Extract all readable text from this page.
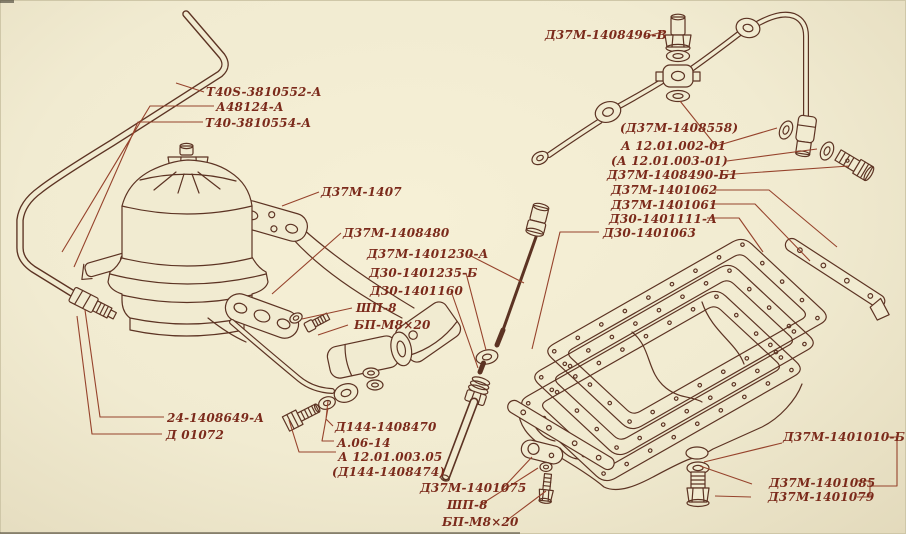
Т40S-3810552-А
А48124-А
Т40-3810554-А
Д37М-1407
Д37М-1408480
Д37М-1401230-А
Д30-1401235-Б
Д30-1401160
ШП-8
БП-М8×20
24-1408649-А
Д 01072
Д144-1408470
А.06-14
А 12.01.003.05
(Д144-1408474)
Д37М-1401075
ШП-8
БП-М8×20
Д37М-1408496-В
(Д37М-1408558)
А 12.01.002-01
(А 12.01.003-01)
Д37М-1408490-Б1
Д37М-1401062
Д37М-1401061
Д30-1401111-А
Д30-1401063
Д37М-1401010-Б
Д37М-1401085
Д37М-1401079
